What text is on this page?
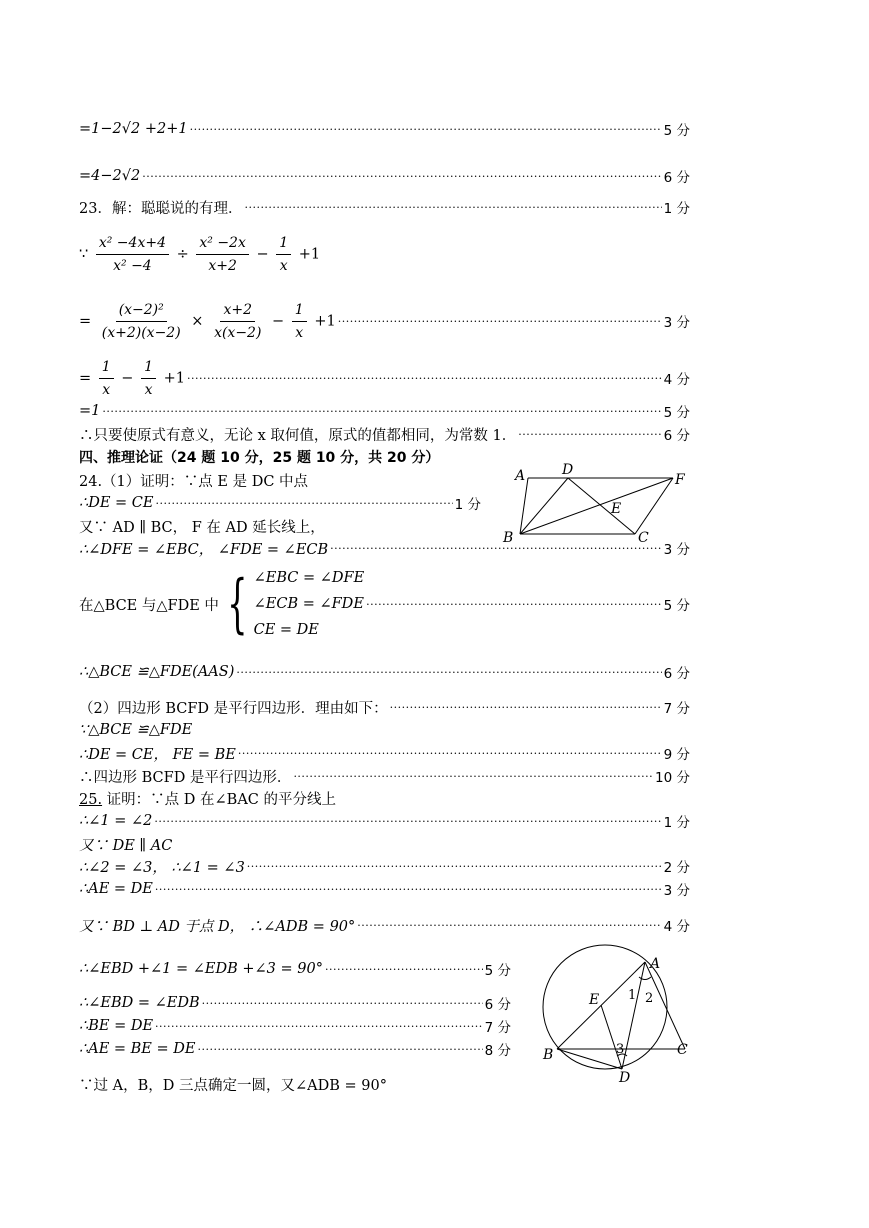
=1−2√2 +2+1 ·····	5 分
=4−2√2 ·····	6 分
23．解：聪聪说的有理． ·····	1 分
∵ $\frac{\text{x² −4x+4}}{\text{x² −4}} \div \frac{\text{x² −2x}}{x+2} - \frac{1}{x} +1$
= $\frac{\text{(x−2)²}}{(x+2)(x-2)} \times \frac{x+2}{x(x-2)} - \frac{1}{x} +1$ ·····	3 分
= $\frac{1}{x} - \frac{1}{x} +1$ ·····	4 分
=1 ·····	5 分
∴只要使原式有意义，无论 x 取何值，原式的值都相同，为常数 1． ·····	6 分
四、推理论证（24 题 10 分，25 题 10 分，共 20 分）
24.（1）证明：∵点 E 是 DC 中点
∴DE = CE ·····	1 分
又∵ AD ∥ BC， F 在 AD 延长线上，
∴∠DFE = ∠EBC， ∠FDE = ∠ECB ·····	3 分
在△BCE 与△FDE 中 { ∠EBC = ∠DFE
∠ECB = ∠FDE
CE = DE
·····
5 分
∴△BCE ≌△FDE(AAS) ·····	6 分
（2）四边形 BCFD 是平行四边形．理由如下： ·····	7 分
∵△BCE ≌△FDE
∴DE = CE， FE = BE ·····	9 分
∴四边形 BCFD 是平行四边形． ·····	10 分
25. 证明：∵点 D 在∠BAC 的平分线上
∴∠1 = ∠2 ·····	1 分
又∵ DE ∥ AC
∴∠2 = ∠3， ∴∠1 = ∠3 ·····	2 分
∴AE = DE ·····	3 分
又∵ BD ⊥ AD 于点 D， ∴∠ADB = 90° ·····	4 分
∴∠EBD +∠1 = ∠EDB +∠3 = 90° ·····	5 分
∴∠EBD = ∠EDB ·····	6 分
∴BE = DE ·····	7 分
∴AE = BE = DE ·····	8 分
∵过 A，B，D 三点确定一圆，又∠ADB = 90°
A	D
F
E
B	C
A
E
B	C
D
1 2
3
